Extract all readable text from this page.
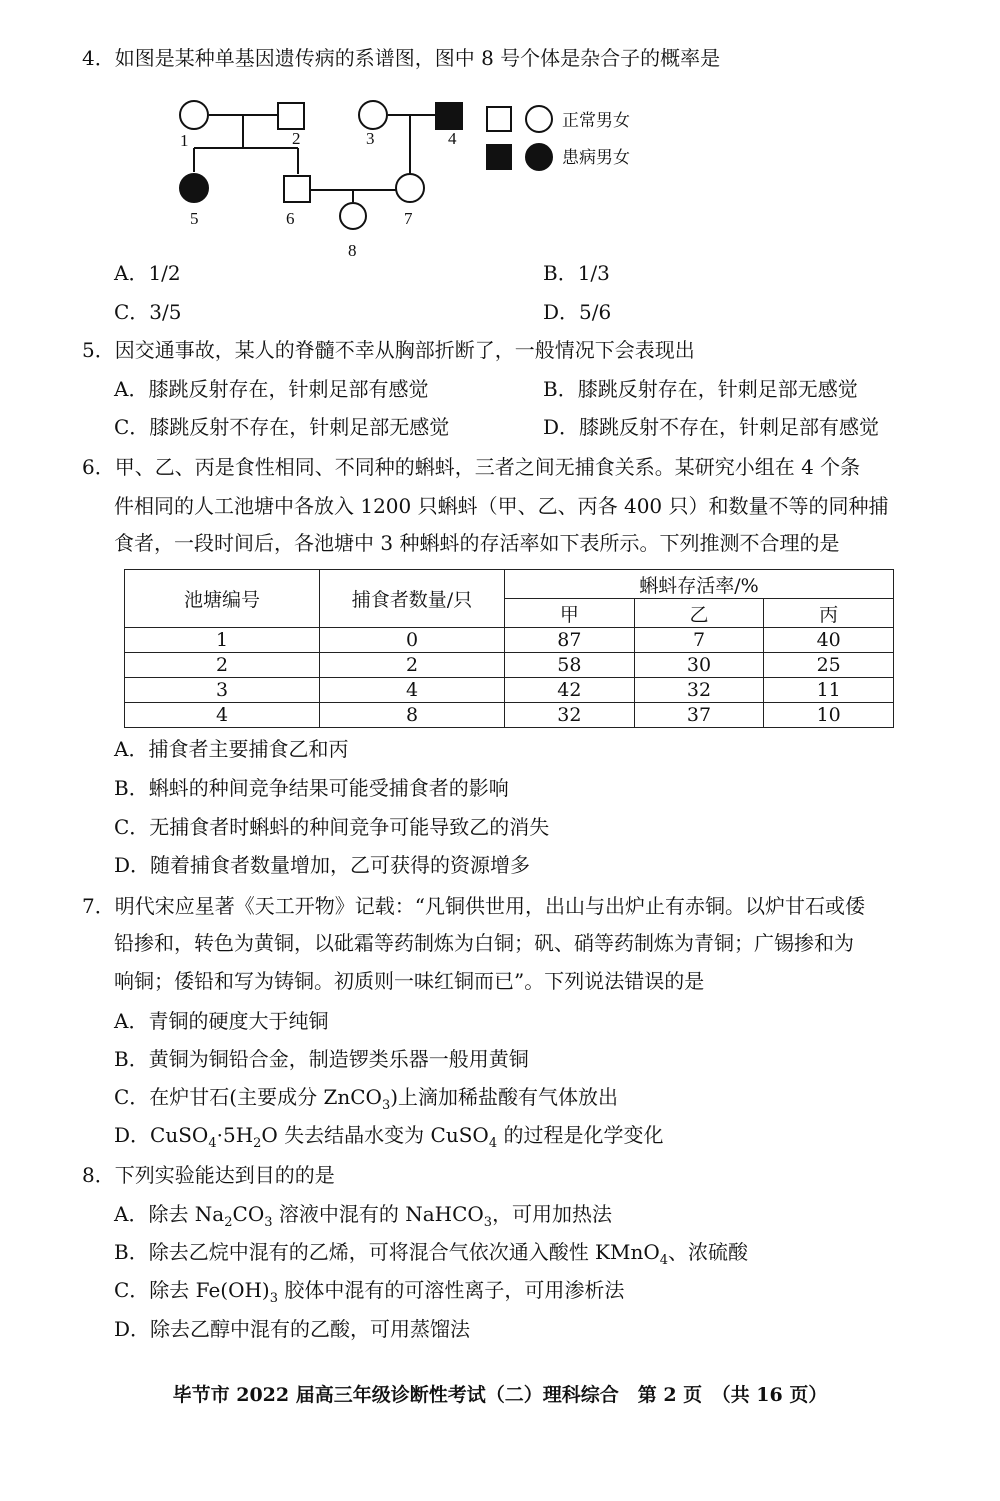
4．如图是某种单基因遗传病的系谱图，图中 8 号个体是杂合子的概率是
1	2	3	4
5	6	7
8
正常男女
患病男女
A．1/2	B．1/3
C．3/5	D．5/6
5．因交通事故，某人的脊髓不幸从胸部折断了，一般情况下会表现出
A．膝跳反射存在，针刺足部有感觉	B．膝跳反射存在，针刺足部无感觉
C．膝跳反射不存在，针刺足部无感觉	D．膝跳反射不存在，针刺足部有感觉
6．甲、乙、丙是食性相同、不同种的蝌蚪，三者之间无捕食关系。某研究小组在 4 个条
件相同的人工池塘中各放入 1200 只蝌蚪（甲、乙、丙各 400 只）和数量不等的同种捕
食者，一段时间后，各池塘中 3 种蝌蚪的存活率如下表所示。下列推测不合理的是
池塘编号	捕食者数量/只	蝌蚪存活率/%		
		甲	乙	丙
1	0	87	7	40
2	2	58	30	25
3	4	42	32	11
4	8	32	37	10
A．捕食者主要捕食乙和丙
B．蝌蚪的种间竞争结果可能受捕食者的影响
C．无捕食者时蝌蚪的种间竞争可能导致乙的消失
D．随着捕食者数量增加，乙可获得的资源增多
7．明代宋应星著《天工开物》记载：“凡铜供世用，出山与出炉止有赤铜。以炉甘石或倭
铅掺和，转色为黄铜，以砒霜等药制炼为白铜；矾、硝等药制炼为青铜；广锡掺和为
响铜；倭铅和写为铸铜。初质则一味红铜而已”。下列说法错误的是
A．青铜的硬度大于纯铜
B．黄铜为铜铅合金，制造锣类乐器一般用黄铜
C．在炉甘石(主要成分 ZnCO$_3$)上滴加稀盐酸有气体放出
D．$CuSO_4\cdot 5H_2O$ 失去结晶水变为 CuSO$_4$ 的过程是化学变化
8．下列实验能达到目的的是
A．除去 $Na_2CO_3$ 溶液中混有的 NaHCO$_3$，可用加热法
B．除去乙烷中混有的乙烯，可将混合气依次通入酸性 KMnO$_4$、浓硫酸
C．除去 $Fe(OH)_3$ 胶体中混有的可溶性离子，可用渗析法
D．除去乙醇中混有的乙酸，可用蒸馏法
毕节市 2022 届高三年级诊断性考试（二）理科综合　第 2 页　（共 16 页）
